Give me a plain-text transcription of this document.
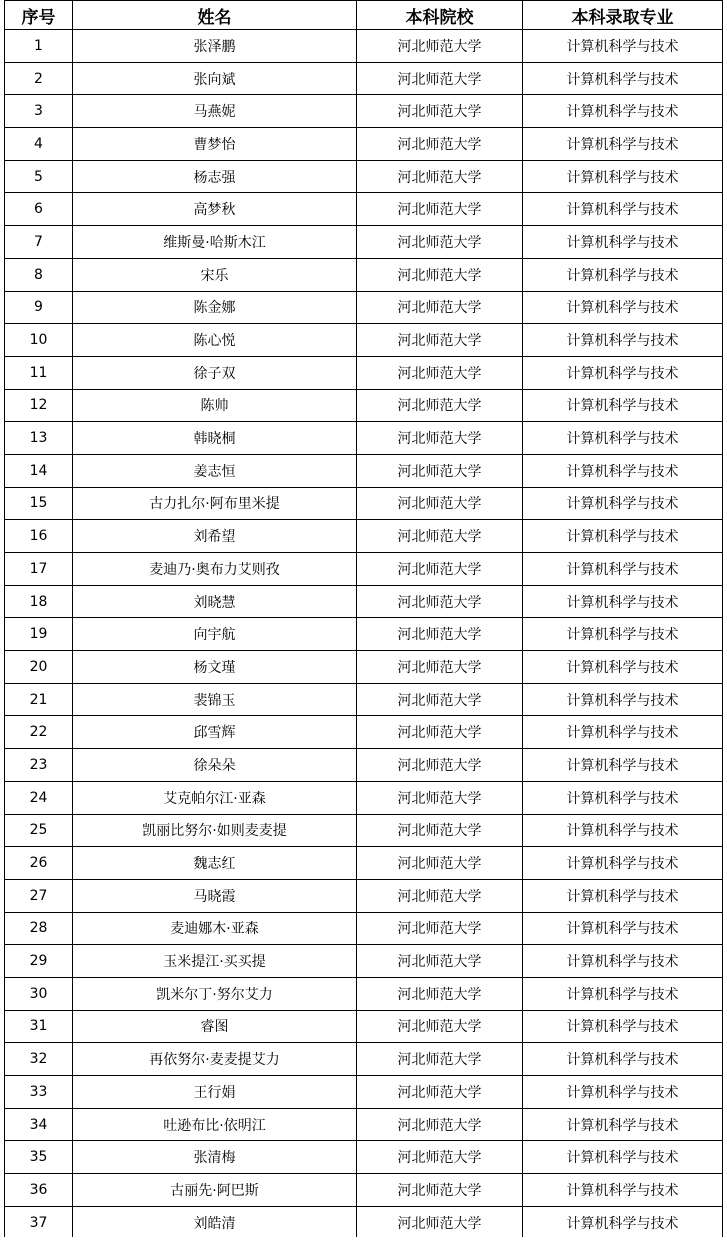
序号	姓名	本科院校	本科录取专业
1	张泽鹏	河北师范大学	计算机科学与技术
2	张向斌	河北师范大学	计算机科学与技术
3	马燕妮	河北师范大学	计算机科学与技术
4	曹梦怡	河北师范大学	计算机科学与技术
5	杨志强	河北师范大学	计算机科学与技术
6	高梦秋	河北师范大学	计算机科学与技术
7	维斯曼·哈斯木江	河北师范大学	计算机科学与技术
8	宋乐	河北师范大学	计算机科学与技术
9	陈金娜	河北师范大学	计算机科学与技术
10	陈心悦	河北师范大学	计算机科学与技术
11	徐子双	河北师范大学	计算机科学与技术
12	陈帅	河北师范大学	计算机科学与技术
13	韩晓桐	河北师范大学	计算机科学与技术
14	姜志恒	河北师范大学	计算机科学与技术
15	古力扎尔·阿布里米提	河北师范大学	计算机科学与技术
16	刘希望	河北师范大学	计算机科学与技术
17	麦迪乃·奥布力艾则孜	河北师范大学	计算机科学与技术
18	刘晓慧	河北师范大学	计算机科学与技术
19	向宇航	河北师范大学	计算机科学与技术
20	杨文瑾	河北师范大学	计算机科学与技术
21	裴锦玉	河北师范大学	计算机科学与技术
22	邱雪辉	河北师范大学	计算机科学与技术
23	徐朵朵	河北师范大学	计算机科学与技术
24	艾克帕尔江·亚森	河北师范大学	计算机科学与技术
25	凯丽比努尔·如则麦麦提	河北师范大学	计算机科学与技术
26	魏志红	河北师范大学	计算机科学与技术
27	马晓霞	河北师范大学	计算机科学与技术
28	麦迪娜木·亚森	河北师范大学	计算机科学与技术
29	玉米提江·买买提	河北师范大学	计算机科学与技术
30	凯米尔丁·努尔艾力	河北师范大学	计算机科学与技术
31	睿图	河北师范大学	计算机科学与技术
32	再依努尔·麦麦提艾力	河北师范大学	计算机科学与技术
33	王行娟	河北师范大学	计算机科学与技术
34	吐逊布比·依明江	河北师范大学	计算机科学与技术
35	张清梅	河北师范大学	计算机科学与技术
36	古丽先·阿巴斯	河北师范大学	计算机科学与技术
37	刘皓清	河北师范大学	计算机科学与技术
